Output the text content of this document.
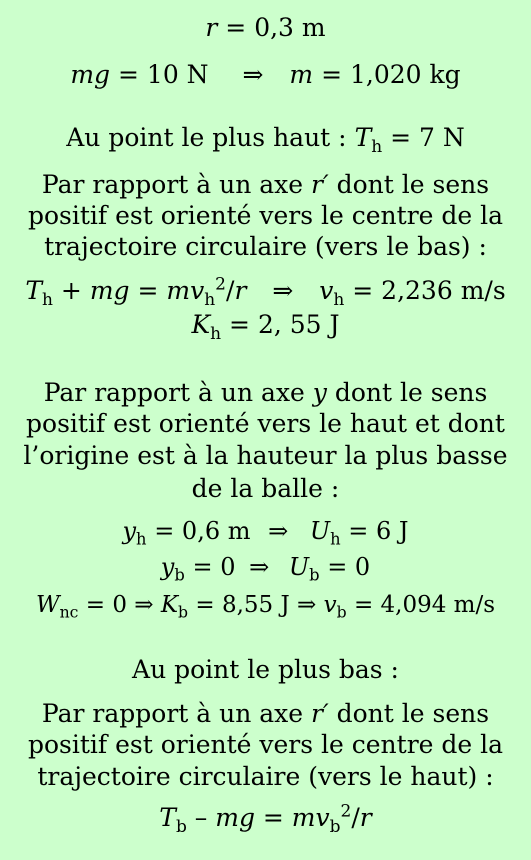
r = 0,3 m
mg = 10 N ⇒ m = 1,020 kg
Au point le plus haut : $T_h = 7$ N
Par rapport à un axe r′ dont le sens
positif est orienté vers le centre de la
trajectoire circulaire (vers le bas) :
$T_h$ + mg = $mv_h^2/r$ ⇒ $v_h = 2,236$ m/s
$K_h = 2$, 55 J
Par rapport à un axe y dont le sens
positif est orienté vers le haut et dont
l’origine est à la hauteur la plus basse
de la balle :
$y_h = 0,6$ m ⇒ $U_h = 6$ J
$y_b = 0$ ⇒ $U_b = 0$
$W_{nc} = 0$ ⇒ $K_b = 8,55$ J ⇒ $v_b = 4,094$ m/s
Au point le plus bas :
Par rapport à un axe r′ dont le sens
positif est orienté vers le centre de la
trajectoire circulaire (vers le haut) :
$T_b$ – mg = $mv_b^2/r$
